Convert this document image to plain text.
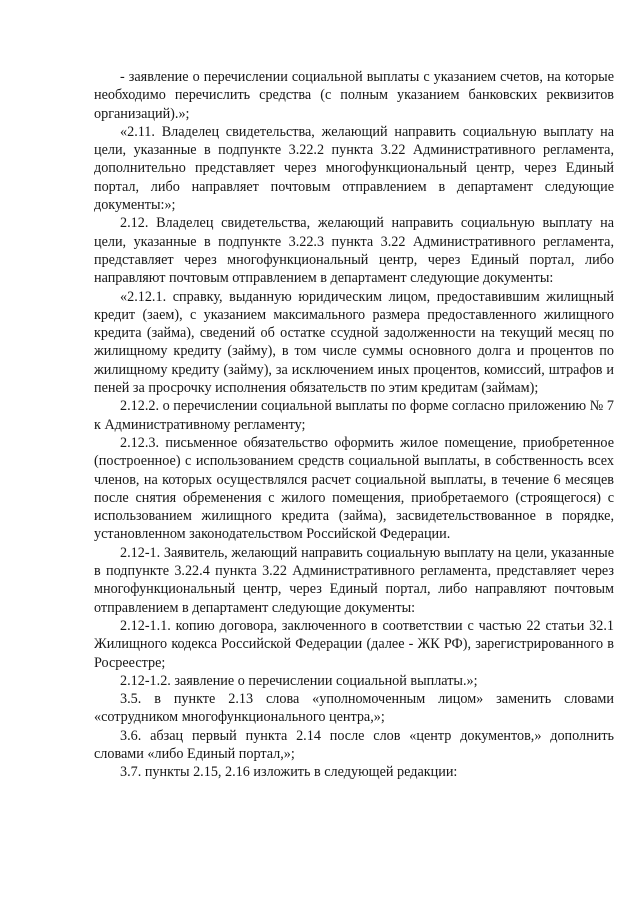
- заявление о перечислении социальной выплаты с указанием счетов, на которые необходимо перечислить средства (с полным указанием банковских реквизитов организаций).»;

«2.11. Владелец свидетельства, желающий направить социальную выплату на цели, указанные в подпункте 3.22.2 пункта 3.22 Административного регламента, дополнительно представляет через многофункциональный центр, через Единый портал, либо направляет почтовым отправлением в департамент следующие документы:»;

2.12. Владелец свидетельства, желающий направить социальную выплату на цели, указанные в подпункте 3.22.3 пункта 3.22 Административного регламента, представляет через многофункциональный центр, через Единый портал, либо направляют почтовым отправлением в департамент следующие документы:

«2.12.1. справку, выданную юридическим лицом, предоставившим жилищный кредит (заем), с указанием максимального размера предоставленного жилищного кредита (займа), сведений об остатке ссудной задолженности на текущий месяц по жилищному кредиту (займу), в том числе суммы основного долга и процентов по жилищному кредиту (займу), за исключением иных процентов, комиссий, штрафов и пеней за просрочку исполнения обязательств по этим кредитам (займам);

2.12.2. о перечислении социальной выплаты по форме согласно приложению № 7 к Административному регламенту;

2.12.3. письменное обязательство оформить жилое помещение, приобретенное (построенное) с использованием средств социальной выплаты, в собственность всех членов, на которых осуществлялся расчет социальной выплаты, в течение 6 месяцев после снятия обременения с жилого помещения, приобретаемого (строящегося) с использованием жилищного кредита (займа), засвидетельствованное в порядке, установленном законодательством Российской Федерации.

2.12-1. Заявитель, желающий направить социальную выплату на цели, указанные в подпункте 3.22.4 пункта 3.22 Административного регламента, представляет через многофункциональный центр, через Единый портал, либо направляют почтовым отправлением в департамент следующие документы:

2.12-1.1. копию договора, заключенного в соответствии с частью 22 статьи 32.1 Жилищного кодекса Российской Федерации (далее - ЖК РФ), зарегистрированного в Росреестре;

2.12-1.2. заявление о перечислении социальной выплаты.»;

3.5. в пункте 2.13 слова «уполномоченным лицом» заменить словами «сотрудником многофункционального центра,»;

3.6. абзац первый пункта 2.14 после слов «центр документов,» дополнить словами «либо Единый портал,»;

3.7. пункты 2.15, 2.16 изложить в следующей редакции:
